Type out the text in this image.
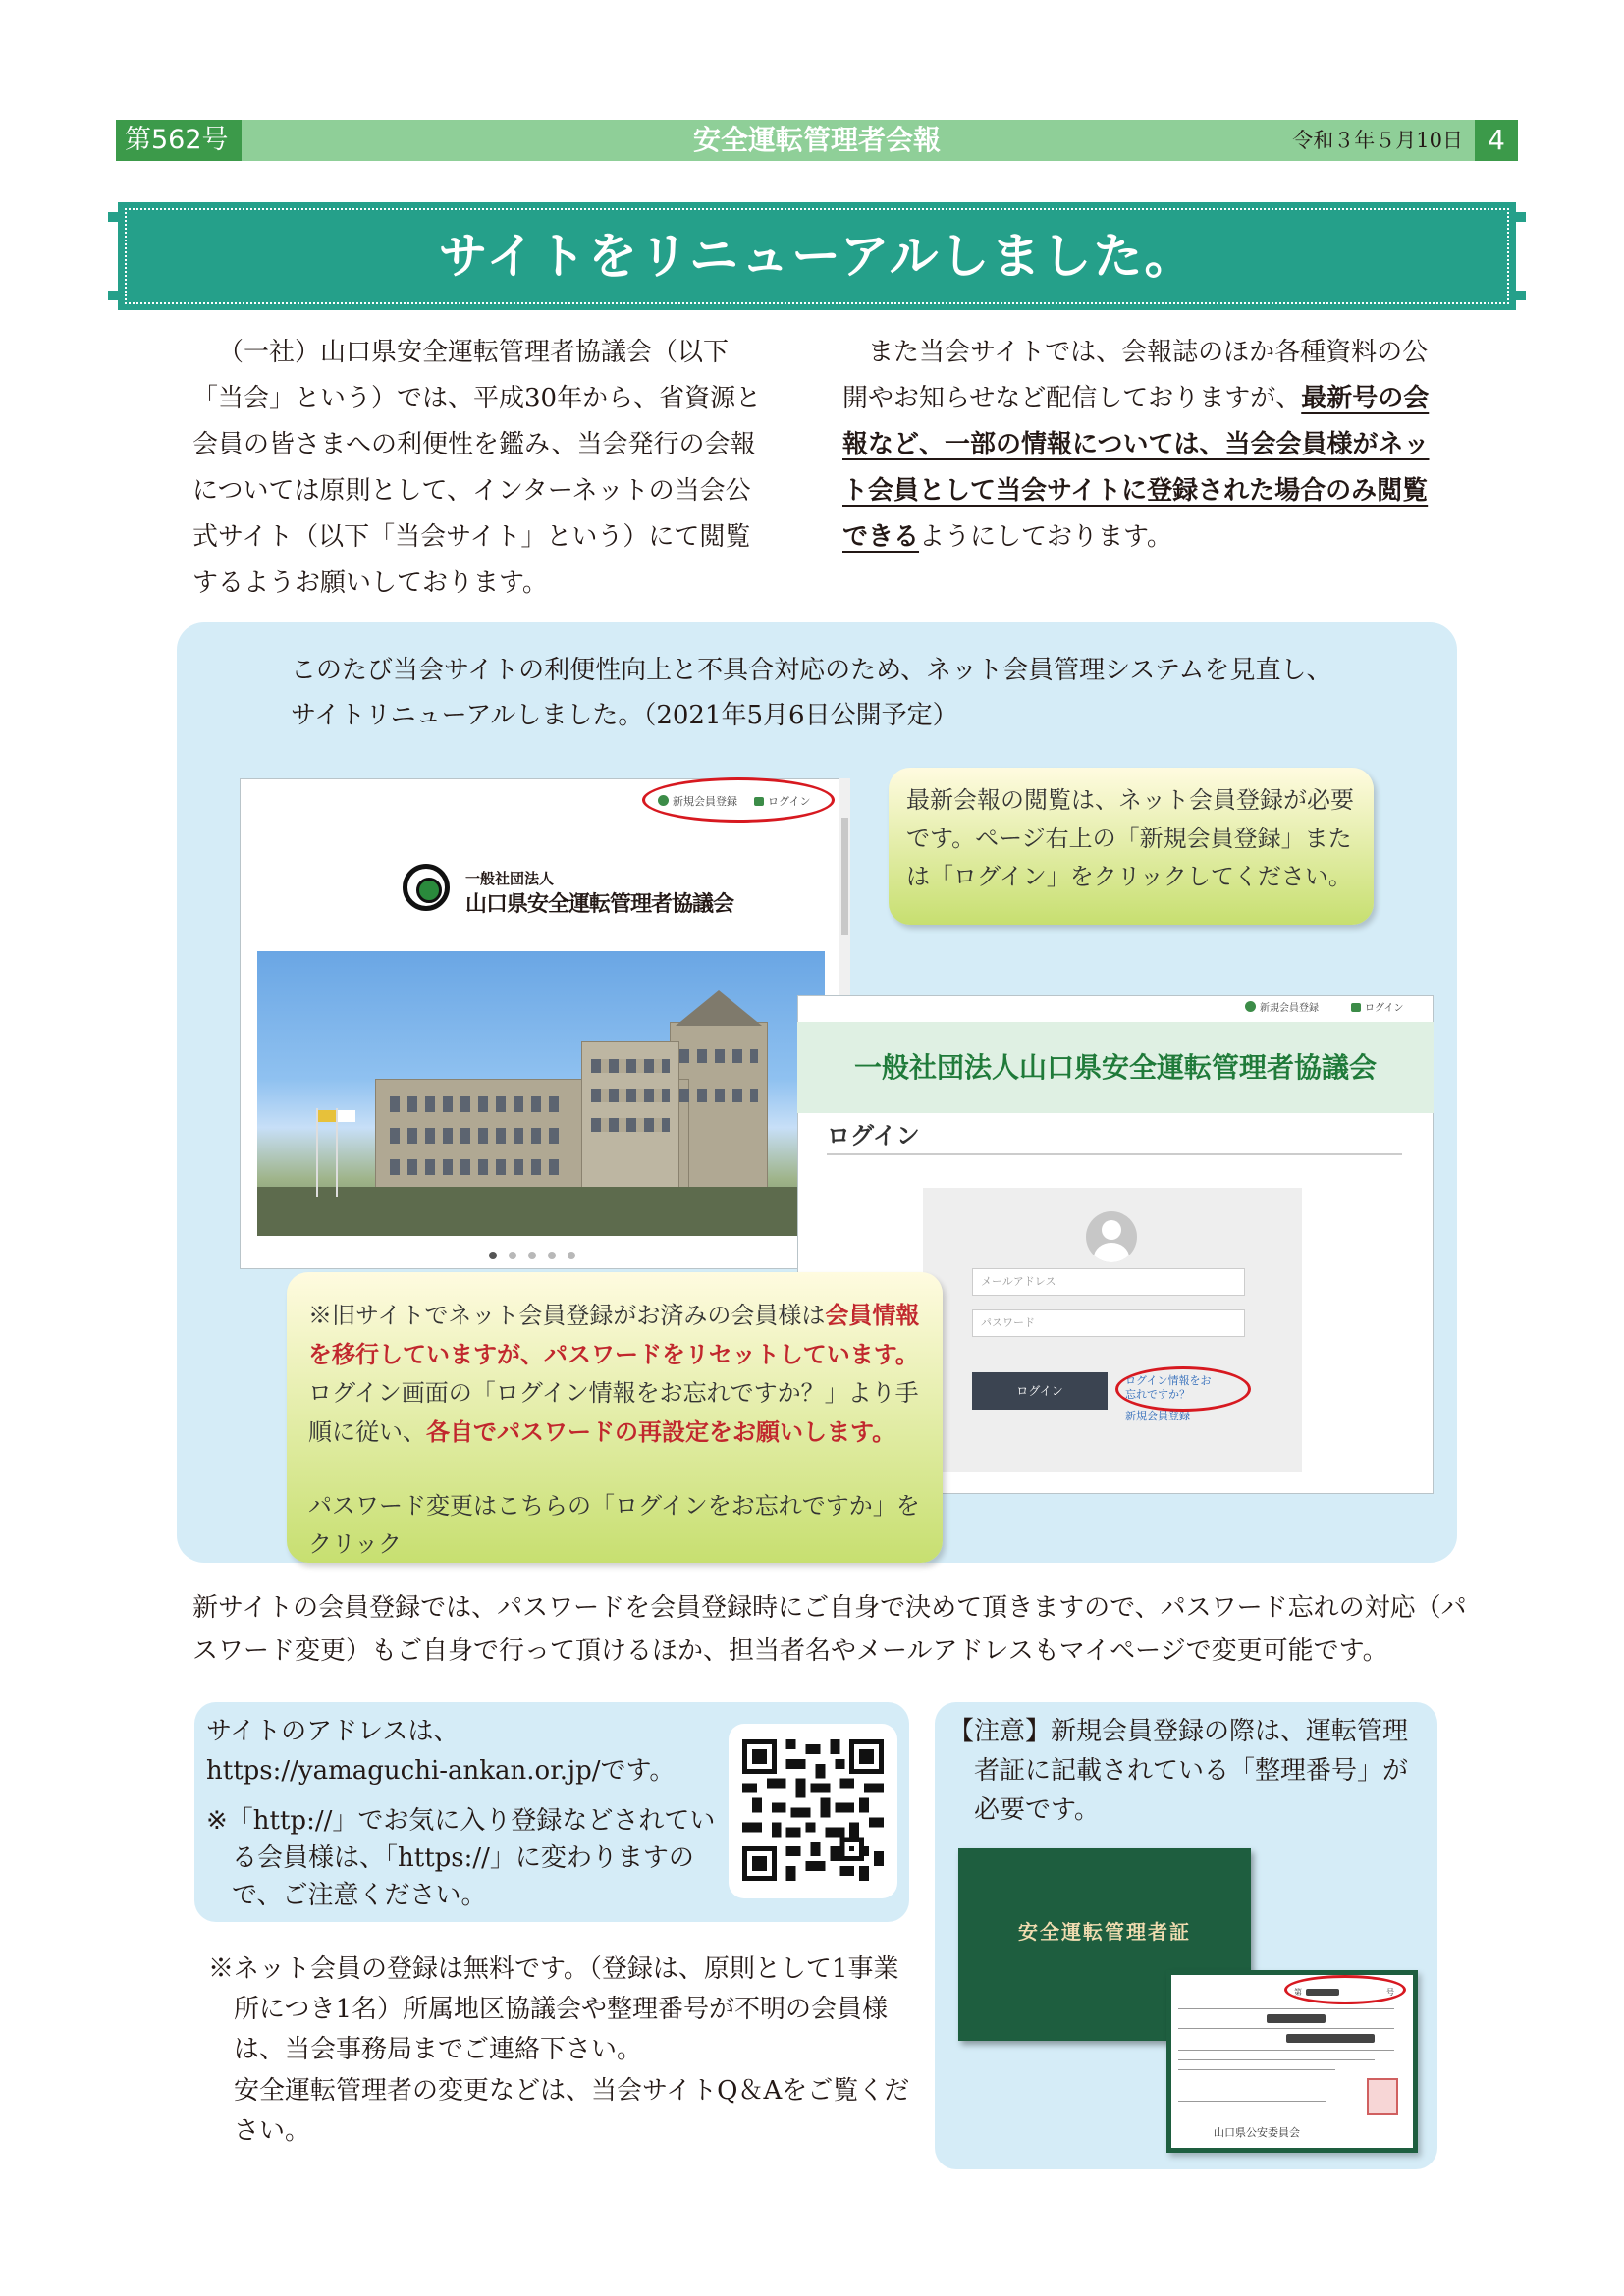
第562号	安全運転管理者会報	令和３年５月10日 4
サイトをリニューアルしました。
（一社）山口県安全運転管理者協議会（以下「当会」という）では、平成30年から、省資源と会員の皆さまへの利便性を鑑み、当会発行の会報については原則として、インターネットの当会公式サイト（以下「当会サイト」という）にて閲覧するようお願いしております。
また当会サイトでは、会報誌のほか各種資料の公開やお知らせなど配信しておりますが、最新号の会報など、一部の情報については、当会会員様がネット会員として当会サイトに登録された場合のみ閲覧できるようにしております。
このたび当会サイトの利便性向上と不具合対応のため、ネット会員管理システムを見直し、
サイトリニューアルしました。（2021年5月6日公開予定）
新規会員登録	ログイン
一般社団法人
山口県安全運転管理者協議会
最新会報の閲覧は、ネット会員登録が必要です。ページ右上の「新規会員登録」または「ログイン」をクリックしてください。
新規会員登録	ログイン
一般社団法人山口県安全運転管理者協議会
ログイン
メールアドレス
パスワード
ログイン
ログイン情報をお忘れですか？
新規会員登録
※旧サイトでネット会員登録がお済みの会員様は会員情報を移行していますが、パスワードをリセットしています。ログイン画面の「ログイン情報をお忘れですか？」より手順に従い、各自でパスワードの再設定をお願いします。
パスワード変更はこちらの「ログインをお忘れですか」をクリック
新サイトの会員登録では、パスワードを会員登録時にご自身で決めて頂きますので、パスワード忘れの対応（パスワード変更）もご自身で行って頂けるほか、担当者名やメールアドレスもマイページで変更可能です。
サイトのアドレスは、
https://yamaguchi-ankan.or.jp/です。
※「http://」でお気に入り登録などされている会員様は、「https://」に変わりますので、ご注意ください。
※ネット会員の登録は無料です。（登録は、原則として1事業所につき1名）所属地区協議会や整理番号が不明の会員様は、当会事務局までご連絡下さい。
安全運転管理者の変更などは、当会サイトQ＆Aをご覧ください。
【注意】新規会員登録の際は、運転管理者証に記載されている「整理番号」が必要です。
安全運転管理者証
第	号
山口県公安委員会
